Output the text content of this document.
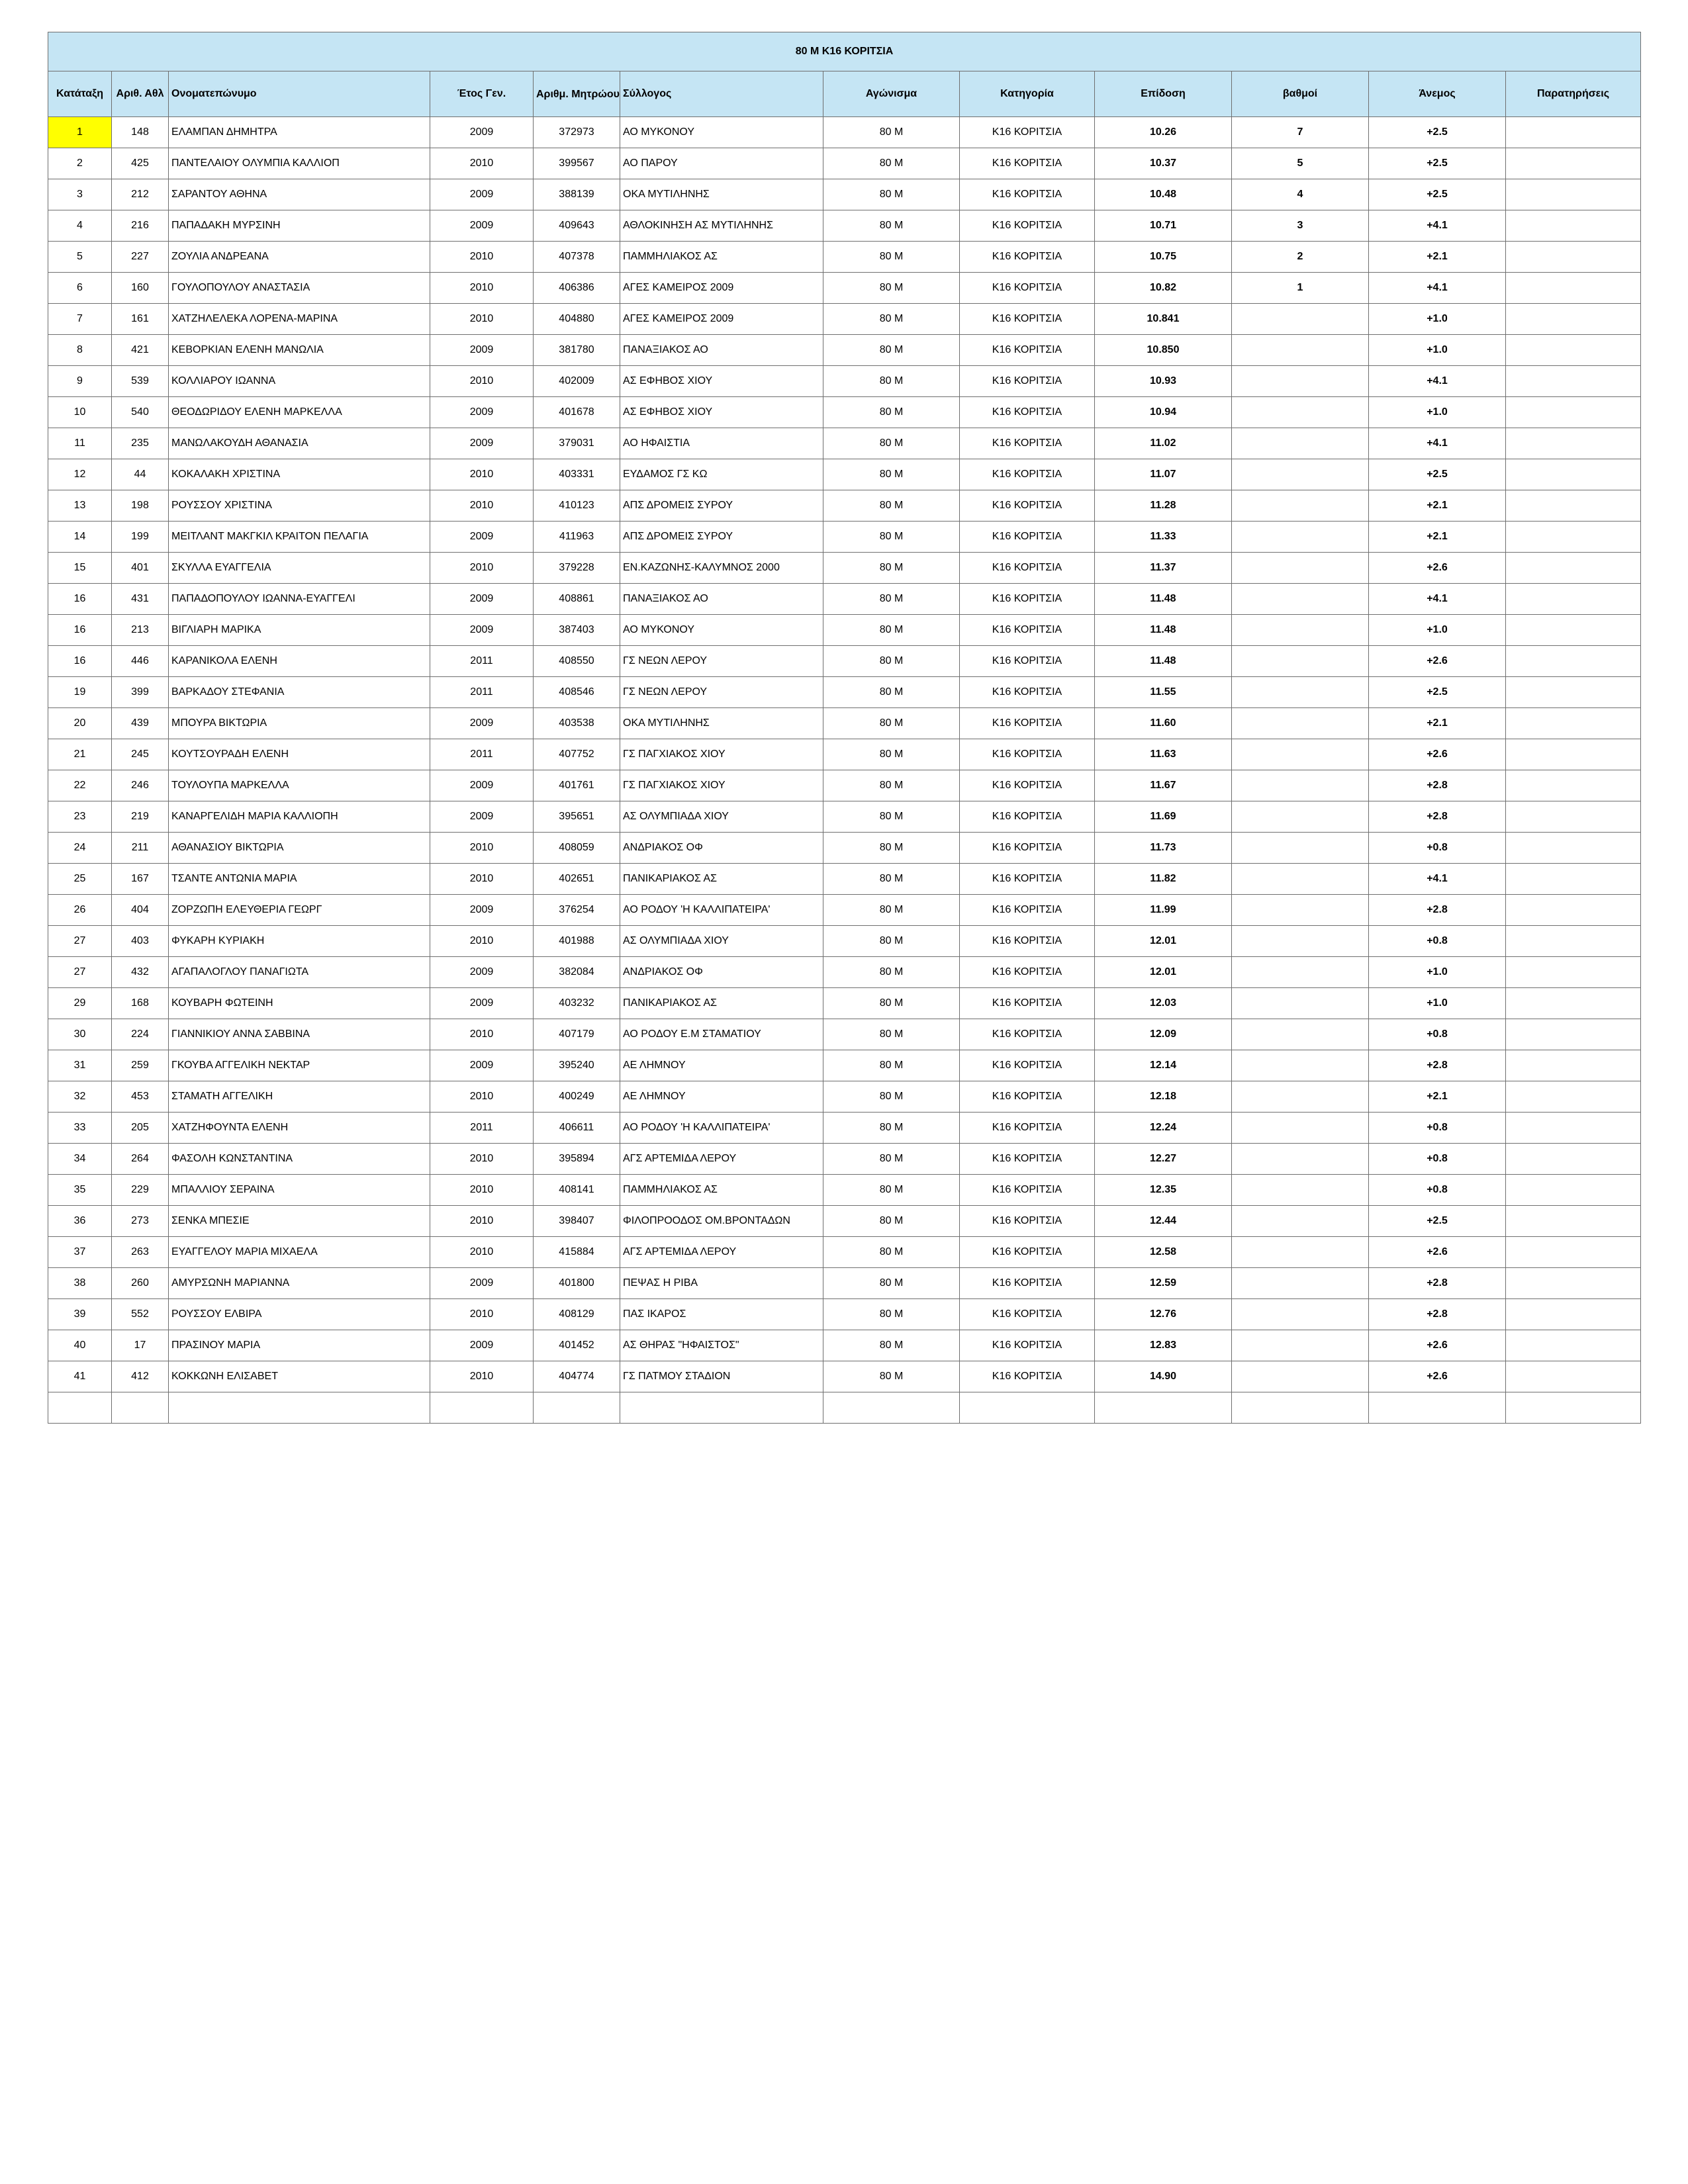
80 M K16 ΚΟΡΙΤΣΙΑ											
Κατάταξη	Αριθ. Αθλ	Ονοματεπώνυμο	Έτος Γεν.	Αριθμ. Μητρώου	Σύλλογος	Αγώνισμα	Κατηγορία	Επίδοση	βαθμοί	Άνεμος	Παρατηρήσεις
1	148	ΕΛΑΜΠΑΝ ΔΗΜΗΤΡΑ	2009	372973	ΑΟ ΜΥΚΟΝΟΥ	80 M	K16 ΚΟΡΙΤΣΙΑ	10.26	7	+2.5	
2	425	ΠΑΝΤΕΛΑΙΟΥ ΟΛΥΜΠΙΑ ΚΑΛΛΙΟΠ	2010	399567	ΑΟ ΠΑΡΟΥ	80 M	K16 ΚΟΡΙΤΣΙΑ	10.37	5	+2.5	
3	212	ΣΑΡΑΝΤΟΥ ΑΘΗΝΑ	2009	388139	ΟΚΑ ΜΥΤΙΛΗΝΗΣ	80 M	K16 ΚΟΡΙΤΣΙΑ	10.48	4	+2.5	
4	216	ΠΑΠΑΔΑΚΗ ΜΥΡΣΙΝΗ	2009	409643	ΑΘΛΟΚΙΝΗΣΗ ΑΣ ΜΥΤΙΛΗΝΗΣ	80 M	K16 ΚΟΡΙΤΣΙΑ	10.71	3	+4.1	
5	227	ΖΟΥΛΙΑ ΑΝΔΡΕΑΝΑ	2010	407378	ΠΑΜΜΗΛΙΑΚΟΣ ΑΣ	80 M	K16 ΚΟΡΙΤΣΙΑ	10.75	2	+2.1	
6	160	ΓΟΥΛΟΠΟΥΛΟΥ ΑΝΑΣΤΑΣΙΑ	2010	406386	ΑΓΕΣ ΚΑΜΕΙΡΟΣ 2009	80 M	K16 ΚΟΡΙΤΣΙΑ	10.82	1	+4.1	
7	161	ΧΑΤΖΗΛΕΛΕΚΑ ΛΟΡΕΝΑ-ΜΑΡΙΝΑ	2010	404880	ΑΓΕΣ ΚΑΜΕΙΡΟΣ 2009	80 M	K16 ΚΟΡΙΤΣΙΑ	10.841		+1.0	
8	421	ΚΕΒΟΡΚΙΑΝ ΕΛΕΝΗ ΜΑΝΩΛΙΑ	2009	381780	ΠΑΝΑΞΙΑΚΟΣ ΑΟ	80 M	K16 ΚΟΡΙΤΣΙΑ	10.850		+1.0	
9	539	ΚΟΛΛΙΑΡΟΥ ΙΩΑΝΝΑ	2010	402009	ΑΣ ΕΦΗΒΟΣ ΧΙΟΥ	80 M	K16 ΚΟΡΙΤΣΙΑ	10.93		+4.1	
10	540	ΘΕΟΔΩΡΙΔΟΥ ΕΛΕΝΗ ΜΑΡΚΕΛΛΑ	2009	401678	ΑΣ ΕΦΗΒΟΣ ΧΙΟΥ	80 M	K16 ΚΟΡΙΤΣΙΑ	10.94		+1.0	
11	235	ΜΑΝΩΛΑΚΟΥΔΗ ΑΘΑΝΑΣΙΑ	2009	379031	ΑΟ ΗΦΑΙΣΤΙΑ	80 M	K16 ΚΟΡΙΤΣΙΑ	11.02		+4.1	
12	44	ΚΟΚΑΛΑΚΗ ΧΡΙΣΤΙΝΑ	2010	403331	ΕΥΔΑΜΟΣ ΓΣ ΚΩ	80 M	K16 ΚΟΡΙΤΣΙΑ	11.07		+2.5	
13	198	ΡΟΥΣΣΟΥ ΧΡΙΣΤΙΝΑ	2010	410123	ΑΠΣ ΔΡΟΜΕΙΣ ΣΥΡΟΥ	80 M	K16 ΚΟΡΙΤΣΙΑ	11.28		+2.1	
14	199	ΜΕΙΤΛΑΝΤ ΜΑΚΓΚΙΛ ΚΡΑΙΤΟΝ ΠΕΛΑΓΙΑ	2009	411963	ΑΠΣ ΔΡΟΜΕΙΣ ΣΥΡΟΥ	80 M	K16 ΚΟΡΙΤΣΙΑ	11.33		+2.1	
15	401	ΣΚΥΛΛΑ ΕΥΑΓΓΕΛΙΑ	2010	379228	ΕΝ.ΚΑΖΩΝΗΣ-ΚΑΛΥΜΝΟΣ 2000	80 M	K16 ΚΟΡΙΤΣΙΑ	11.37		+2.6	
16	431	ΠΑΠΑΔΟΠΟΥΛΟΥ ΙΩΑΝΝΑ-ΕΥΑΓΓΕΛΙ	2009	408861	ΠΑΝΑΞΙΑΚΟΣ ΑΟ	80 M	K16 ΚΟΡΙΤΣΙΑ	11.48		+4.1	
16	213	ΒΙΓΛΙΑΡΗ ΜΑΡΙΚΑ	2009	387403	ΑΟ ΜΥΚΟΝΟΥ	80 M	K16 ΚΟΡΙΤΣΙΑ	11.48		+1.0	
16	446	ΚΑΡΑΝΙΚΟΛΑ ΕΛΕΝΗ	2011	408550	ΓΣ ΝΕΩΝ ΛΕΡΟΥ	80 M	K16 ΚΟΡΙΤΣΙΑ	11.48		+2.6	
19	399	ΒΑΡΚΑΔΟΥ ΣΤΕΦΑΝΙΑ	2011	408546	ΓΣ ΝΕΩΝ ΛΕΡΟΥ	80 M	K16 ΚΟΡΙΤΣΙΑ	11.55		+2.5	
20	439	ΜΠΟΥΡΑ ΒΙΚΤΩΡΙΑ	2009	403538	ΟΚΑ ΜΥΤΙΛΗΝΗΣ	80 M	K16 ΚΟΡΙΤΣΙΑ	11.60		+2.1	
21	245	ΚΟΥΤΣΟΥΡΑΔΗ ΕΛΕΝΗ	2011	407752	ΓΣ ΠΑΓΧΙΑΚΟΣ ΧΙΟΥ	80 M	K16 ΚΟΡΙΤΣΙΑ	11.63		+2.6	
22	246	ΤΟΥΛΟΥΠΑ ΜΑΡΚΕΛΛΑ	2009	401761	ΓΣ ΠΑΓΧΙΑΚΟΣ ΧΙΟΥ	80 M	K16 ΚΟΡΙΤΣΙΑ	11.67		+2.8	
23	219	ΚΑΝΑΡΓΕΛΙΔΗ ΜΑΡΙΑ ΚΑΛΛΙΟΠΗ	2009	395651	ΑΣ ΟΛΥΜΠΙΑΔΑ ΧΙΟΥ	80 M	K16 ΚΟΡΙΤΣΙΑ	11.69		+2.8	
24	211	ΑΘΑΝΑΣΙΟΥ ΒΙΚΤΩΡΙΑ	2010	408059	ΑΝΔΡΙΑΚΟΣ ΟΦ	80 M	K16 ΚΟΡΙΤΣΙΑ	11.73		+0.8	
25	167	ΤΣΑΝΤΕ ΑΝΤΩΝΙΑ ΜΑΡΙΑ	2010	402651	ΠΑΝΙΚΑΡΙΑΚΟΣ ΑΣ	80 M	K16 ΚΟΡΙΤΣΙΑ	11.82		+4.1	
26	404	ΖΟΡΖΩΠΗ ΕΛΕΥΘΕΡΙΑ ΓΕΩΡΓ	2009	376254	ΑΟ ΡΟΔΟΥ 'Η ΚΑΛΛΙΠΑΤΕΙΡΑ'	80 M	K16 ΚΟΡΙΤΣΙΑ	11.99		+2.8	
27	403	ΦΥΚΑΡΗ ΚΥΡΙΑΚΗ	2010	401988	ΑΣ ΟΛΥΜΠΙΑΔΑ ΧΙΟΥ	80 M	K16 ΚΟΡΙΤΣΙΑ	12.01		+0.8	
27	432	ΑΓΑΠΑΛΟΓΛΟΥ ΠΑΝΑΓΙΩΤΑ	2009	382084	ΑΝΔΡΙΑΚΟΣ ΟΦ	80 M	K16 ΚΟΡΙΤΣΙΑ	12.01		+1.0	
29	168	ΚΟΥΒΑΡΗ ΦΩΤΕΙΝΗ	2009	403232	ΠΑΝΙΚΑΡΙΑΚΟΣ ΑΣ	80 M	K16 ΚΟΡΙΤΣΙΑ	12.03		+1.0	
30	224	ΓΙΑΝΝΙΚΙΟΥ ΑΝΝΑ ΣΑΒΒΙΝΑ	2010	407179	ΑΟ ΡΟΔΟΥ Ε.Μ ΣΤΑΜΑΤΙΟΥ	80 M	K16 ΚΟΡΙΤΣΙΑ	12.09		+0.8	
31	259	ΓΚΟΥΒΑ ΑΓΓΕΛΙΚΗ ΝΕΚΤΑΡ	2009	395240	ΑΕ ΛΗΜΝΟΥ	80 M	K16 ΚΟΡΙΤΣΙΑ	12.14		+2.8	
32	453	ΣΤΑΜΑΤΗ ΑΓΓΕΛΙΚΗ	2010	400249	ΑΕ ΛΗΜΝΟΥ	80 M	K16 ΚΟΡΙΤΣΙΑ	12.18		+2.1	
33	205	ΧΑΤΖΗΦΟΥΝΤΑ ΕΛΕΝΗ	2011	406611	ΑΟ ΡΟΔΟΥ 'Η ΚΑΛΛΙΠΑΤΕΙΡΑ'	80 M	K16 ΚΟΡΙΤΣΙΑ	12.24		+0.8	
34	264	ΦΑΣΟΛΗ ΚΩΝΣΤΑΝΤΙΝΑ	2010	395894	ΑΓΣ ΑΡΤΕΜΙΔΑ ΛΕΡΟΥ	80 M	K16 ΚΟΡΙΤΣΙΑ	12.27		+0.8	
35	229	ΜΠΑΛΛΙΟΥ ΣΕΡΑΙΝΑ	2010	408141	ΠΑΜΜΗΛΙΑΚΟΣ ΑΣ	80 M	K16 ΚΟΡΙΤΣΙΑ	12.35		+0.8	
36	273	ΣΕΝΚΑ ΜΠΕΣΙΕ	2010	398407	ΦΙΛΟΠΡΟΟΔΟΣ ΟΜ.ΒΡΟΝΤΑΔΩΝ	80 M	K16 ΚΟΡΙΤΣΙΑ	12.44		+2.5	
37	263	ΕΥΑΓΓΕΛΟΥ ΜΑΡΙΑ ΜΙΧΑΕΛΑ	2010	415884	ΑΓΣ ΑΡΤΕΜΙΔΑ ΛΕΡΟΥ	80 M	K16 ΚΟΡΙΤΣΙΑ	12.58		+2.6	
38	260	ΑΜΥΡΣΩΝΗ ΜΑΡΙΑΝΝΑ	2009	401800	ΠΕΨΑΣ Η ΡΙΒΑ	80 M	K16 ΚΟΡΙΤΣΙΑ	12.59		+2.8	
39	552	ΡΟΥΣΣΟΥ ΕΛΒΙΡΑ	2010	408129	ΠΑΣ ΙΚΑΡΟΣ	80 M	K16 ΚΟΡΙΤΣΙΑ	12.76		+2.8	
40	17	ΠΡΑΣΙΝΟΥ ΜΑΡΙΑ	2009	401452	ΑΣ ΘΗΡΑΣ "ΗΦΑΙΣΤΟΣ"	80 M	K16 ΚΟΡΙΤΣΙΑ	12.83		+2.6	
41	412	ΚΟΚΚΩΝΗ ΕΛΙΣΑΒΕΤ	2010	404774	ΓΣ ΠΑΤΜΟΥ ΣΤΑΔΙΟΝ	80 M	K16 ΚΟΡΙΤΣΙΑ	14.90		+2.6	
